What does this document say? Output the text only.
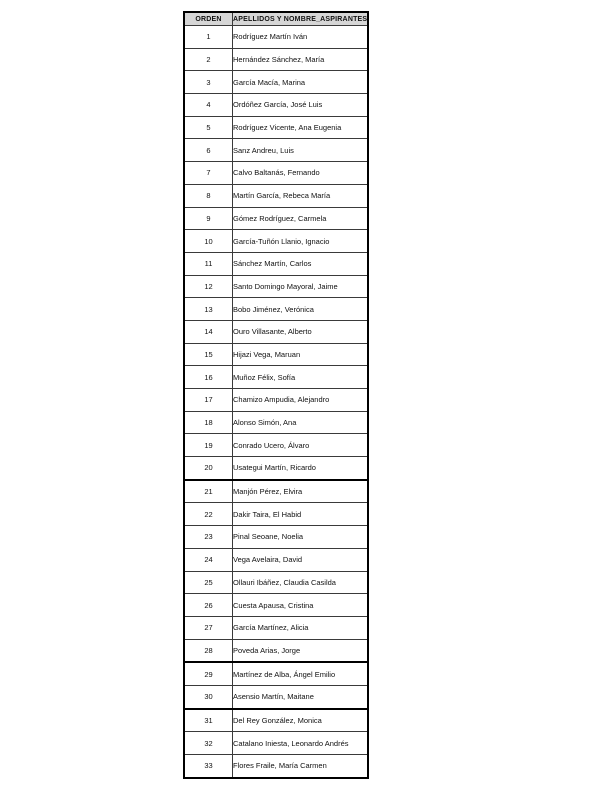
ORDEN	APELLIDOS Y NOMBRE_ASPIRANTES
1	Rodríguez Martín Iván
2	Hernández Sánchez, María
3	García Macía, Marina
4	Ordóñez García, José Luis
5	Rodríguez Vicente, Ana Eugenia
6	Sanz Andreu, Luis
7	Calvo Baltanás, Fernando
8	Martín García, Rebeca María
9	Gómez Rodríguez, Carmela
10	García-Tuñón Llanio, Ignacio
11	Sánchez Martín, Carlos
12	Santo Domingo Mayoral, Jaime
13	Bobo Jiménez, Verónica
14	Ouro Villasante, Alberto
15	Hijazi Vega, Maruan
16	Muñoz Félix, Sofía
17	Chamizo Ampudia, Alejandro
18	Alonso Simón, Ana
19	Conrado Ucero, Álvaro
20	Usategui Martín, Ricardo
21	Manjón Pérez, Elvira
22	Dakir Taira, El Habid
23	Pinal Seoane, Noelia
24	Vega Avelaira, David
25	Ollauri Ibáñez, Claudia Casilda
26	Cuesta Apausa, Cristina
27	García Martínez, Alicia
28	Poveda Arias, Jorge
29	Martínez de Alba, Ángel Emilio
30	Asensio Martín, Maitane
31	Del Rey González, Monica
32	Catalano Iniesta, Leonardo Andrés
33	Flores Fraile, María Carmen
